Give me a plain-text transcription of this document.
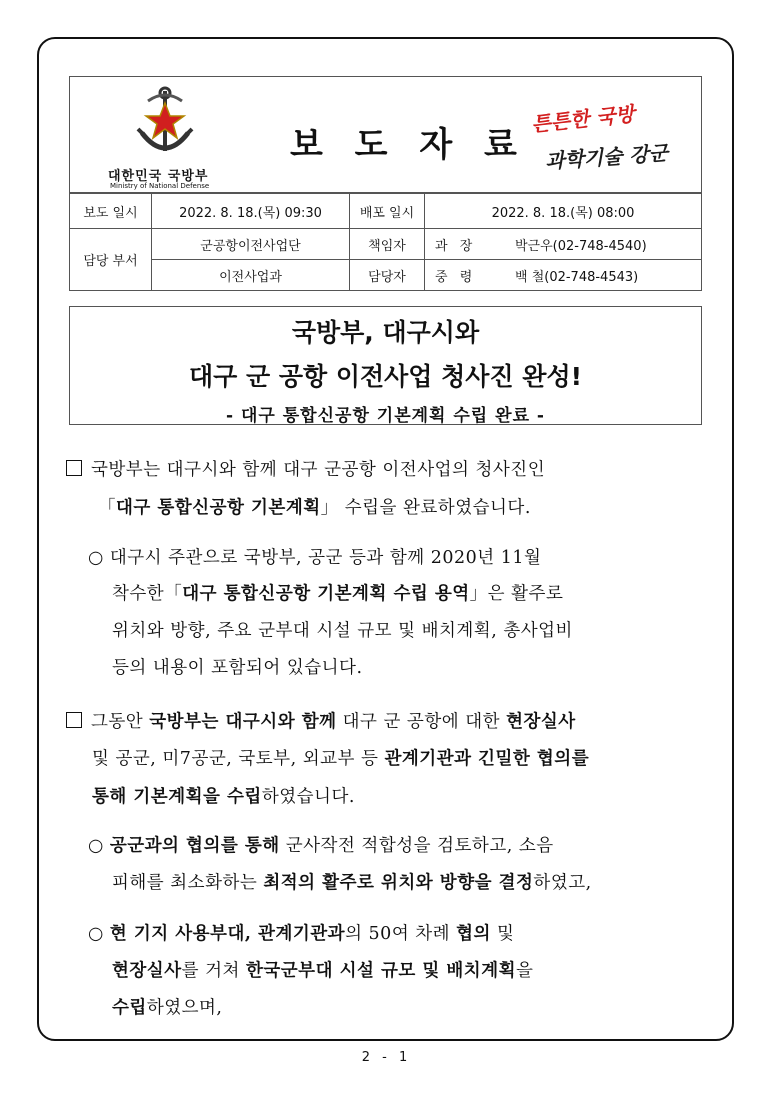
대한민국 국방부
Ministry of National Defense
보 도 자 료
튼튼한 국방
과학기술 강군
보도 일시	2022. 8. 18.(목) 09:30	배포 일시	2022. 8. 18.(목) 08:00
담당 부서	군공항이전사업단	책임자	과 장 박근우(02-748-4540)
	이전사업과	담당자	중 령 백 철(02-748-4543)
국방부, 대구시와
대구 군 공항 이전사업 청사진 완성!
- 대구 통합신공항 기본계획 수립 완료 -
국방부는 대구시와 함께 대구 군공항 이전사업의 청사진인
「대구 통합신공항 기본계획」 수립을 완료하였습니다.
○ 대구시 주관으로 국방부, 공군 등과 함께 2020년 11월
착수한「대구 통합신공항 기본계획 수립 용역」은 활주로
위치와 방향, 주요 군부대 시설 규모 및 배치계획, 총사업비
등의 내용이 포함되어 있습니다.
그동안 국방부는 대구시와 함께 대구 군 공항에 대한 현장실사
및 공군, 미7공군, 국토부, 외교부 등 관계기관과 긴밀한 협의를
통해 기본계획을 수립하였습니다.
○ 공군과의 협의를 통해 군사작전 적합성을 검토하고, 소음
피해를 최소화하는 최적의 활주로 위치와 방향을 결정하였고,
○ 현 기지 사용부대, 관계기관과의 50여 차례 협의 및
현장실사를 거쳐 한국군부대 시설 규모 및 배치계획을
수립하였으며,
2 - 1
